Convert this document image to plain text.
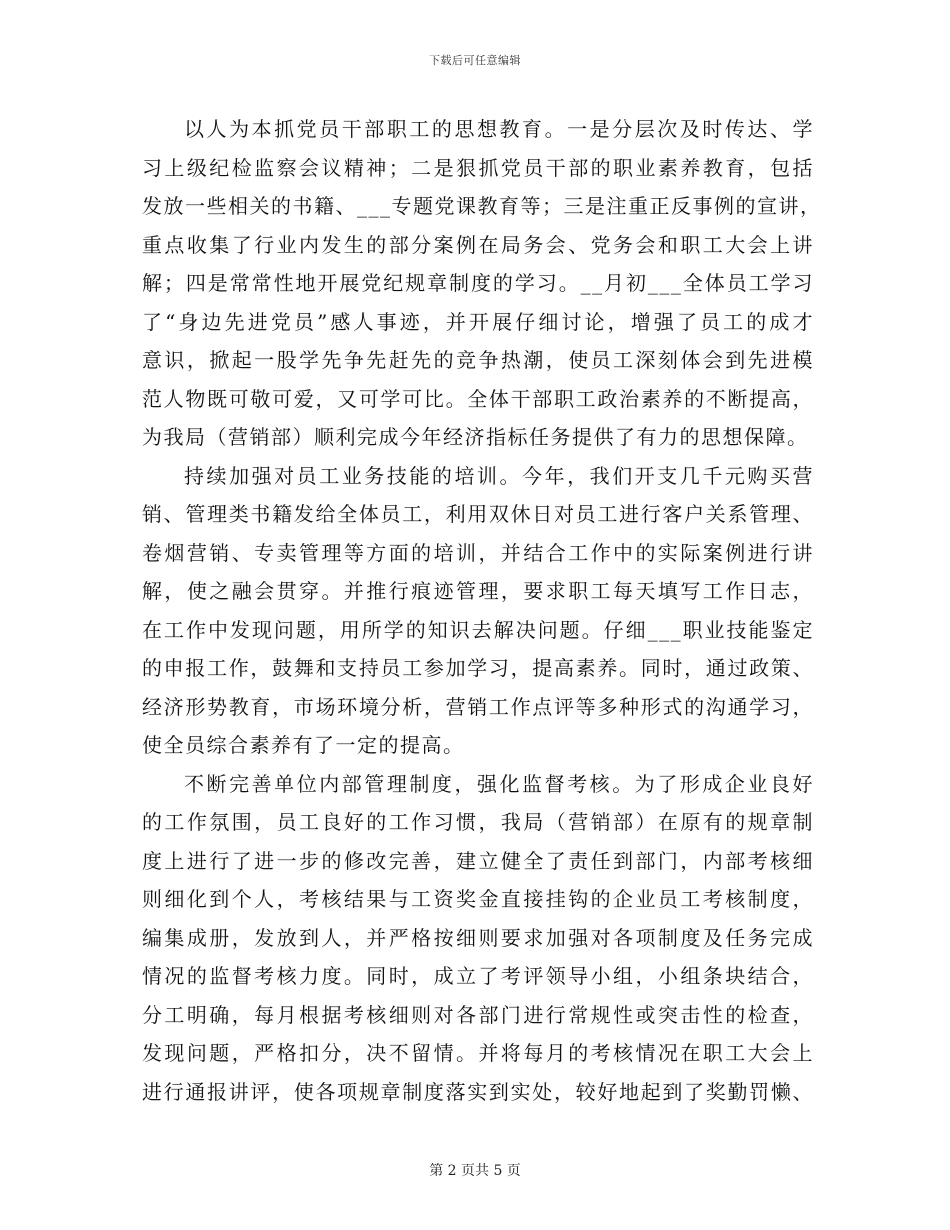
下载后可任意编辑
以人为本抓党员干部职工的思想教育。一是分层次及时传达、学
习上级纪检监察会议精神；二是狠抓党员干部的职业素养教育，包括
发放一些相关的书籍、___专题党课教育等；三是注重正反事例的宣讲，
重点收集了行业内发生的部分案例在局务会、党务会和职工大会上讲
解；四是常常性地开展党纪规章制度的学习。__月初___全体员工学习
了“身边先进党员”感人事迹，并开展仔细讨论，增强了员工的成才
意识，掀起一股学先争先赶先的竞争热潮，使员工深刻体会到先进模
范人物既可敬可爱，又可学可比。全体干部职工政治素养的不断提高，
为我局（营销部）顺利完成今年经济指标任务提供了有力的思想保障。
持续加强对员工业务技能的培训。今年，我们开支几千元购买营
销、管理类书籍发给全体员工，利用双休日对员工进行客户关系管理、
卷烟营销、专卖管理等方面的培训，并结合工作中的实际案例进行讲
解，使之融会贯穿。并推行痕迹管理，要求职工每天填写工作日志，
在工作中发现问题，用所学的知识去解决问题。仔细___职业技能鉴定
的申报工作，鼓舞和支持员工参加学习，提高素养。同时，通过政策、
经济形势教育，市场环境分析，营销工作点评等多种形式的沟通学习，
使全员综合素养有了一定的提高。
不断完善单位内部管理制度，强化监督考核。为了形成企业良好
的工作氛围，员工良好的工作习惯，我局（营销部）在原有的规章制
度上进行了进一步的修改完善，建立健全了责任到部门，内部考核细
则细化到个人，考核结果与工资奖金直接挂钩的企业员工考核制度，
编集成册，发放到人，并严格按细则要求加强对各项制度及任务完成
情况的监督考核力度。同时，成立了考评领导小组，小组条块结合，
分工明确，每月根据考核细则对各部门进行常规性或突击性的检查，
发现问题，严格扣分，决不留情。并将每月的考核情况在职工大会上
进行通报讲评，使各项规章制度落实到实处，较好地起到了奖勤罚懒、
第 2 页共 5 页
